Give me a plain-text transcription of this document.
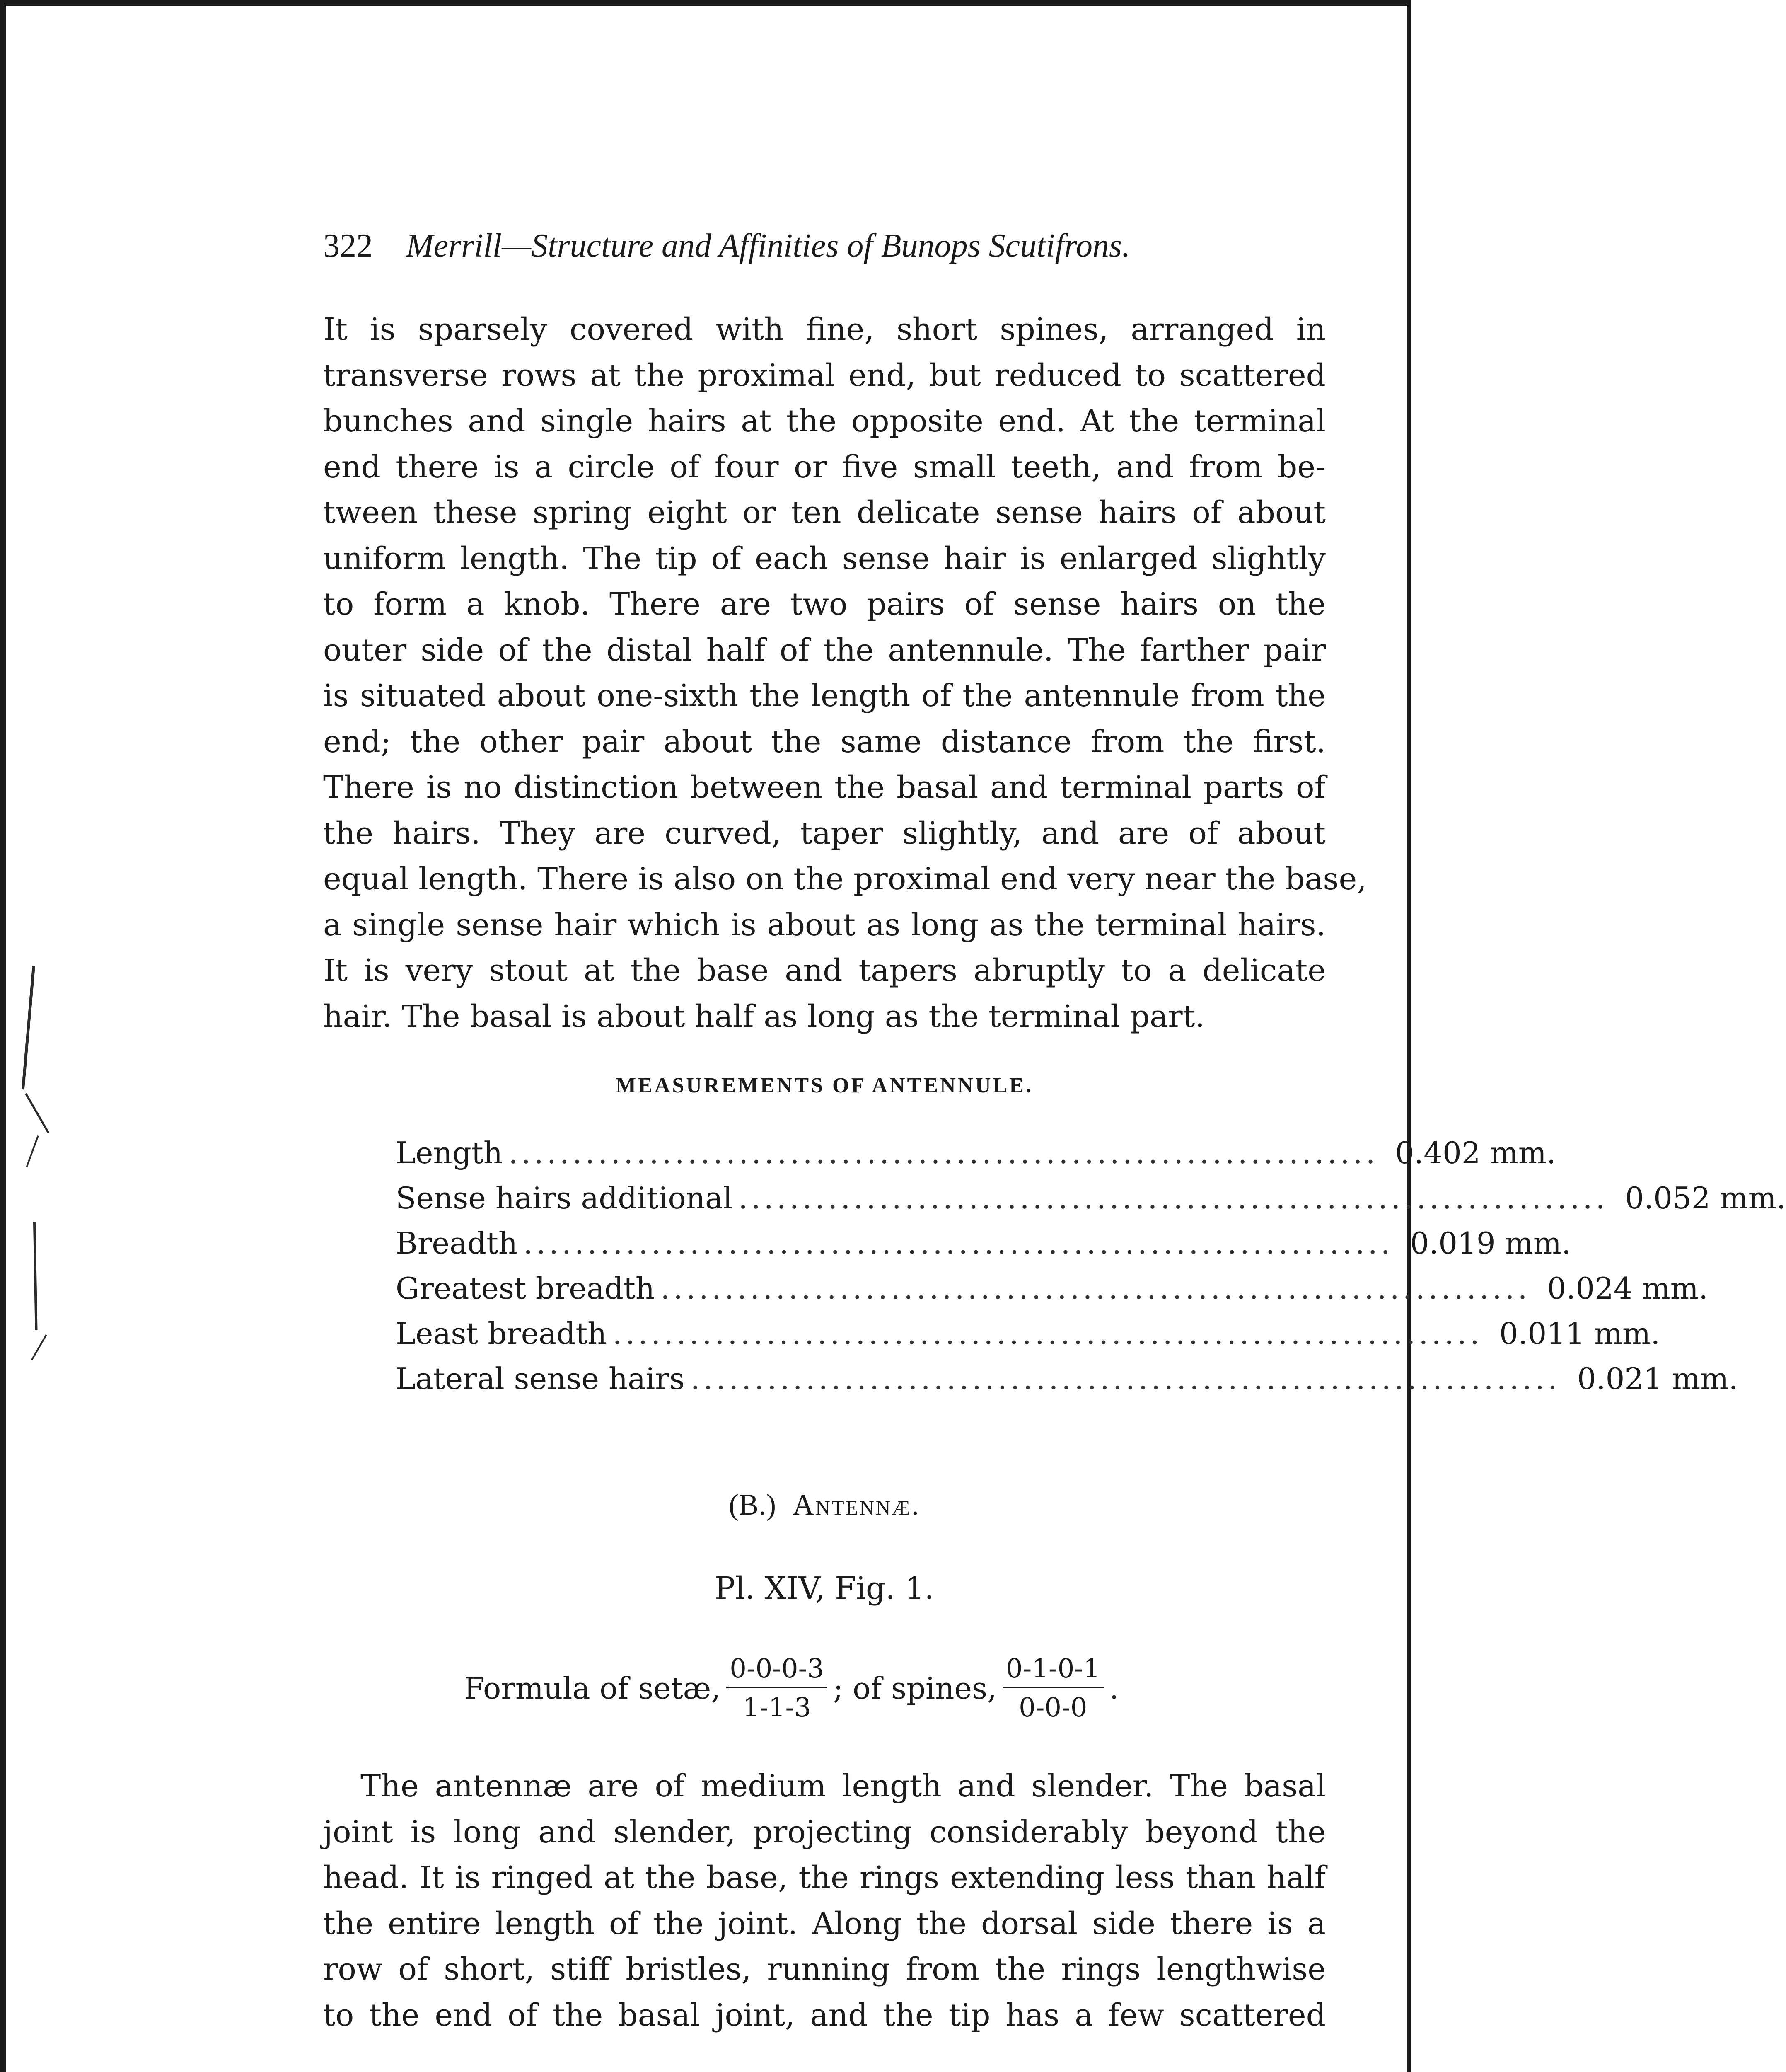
322 Merrill—Structure and Affinities of Bunops Scutifrons.
It is sparsely covered with fine, short spines, arranged in
transverse rows at the proximal end, but reduced to scattered
bunches and single hairs at the opposite end. At the terminal
end there is a circle of four or five small teeth, and from be-
tween these spring eight or ten delicate sense hairs of about
uniform length. The tip of each sense hair is enlarged slightly
to form a knob. There are two pairs of sense hairs on the
outer side of the distal half of the antennule. The farther pair
is situated about one-sixth the length of the antennule from the
end; the other pair about the same distance from the first.
There is no distinction between the basal and terminal parts of
the hairs. They are curved, taper slightly, and are of about
equal length. There is also on the proximal end very near the base,
a single sense hair which is about as long as the terminal hairs.
It is very stout at the base and tapers abruptly to a delicate
hair. The basal is about half as long as the terminal part.
MEASUREMENTS OF ANTENNULE.
Length .................................................................... 0.402 mm.
Sense hairs additional .................................................................... 0.052 mm.
Breadth .................................................................... 0.019 mm.
Greatest breadth .................................................................... 0.024 mm.
Least breadth .................................................................... 0.011 mm.
Lateral sense hairs .................................................................... 0.021 mm.
(B.) Antennæ.
Pl. XIV, Fig. 1.
Formula of setæ, $\frac{0-0-0-3}{1-1-3}$ ; of spines, $\frac{0-1-0-1}{0-0-0}$ .
The antennæ are of medium length and slender. The basal
joint is long and slender, projecting considerably beyond the
head. It is ringed at the base, the rings extending less than half
the entire length of the joint. Along the dorsal side there is a
row of short, stiff bristles, running from the rings lengthwise
to the end of the basal joint, and the tip has a few scattered
